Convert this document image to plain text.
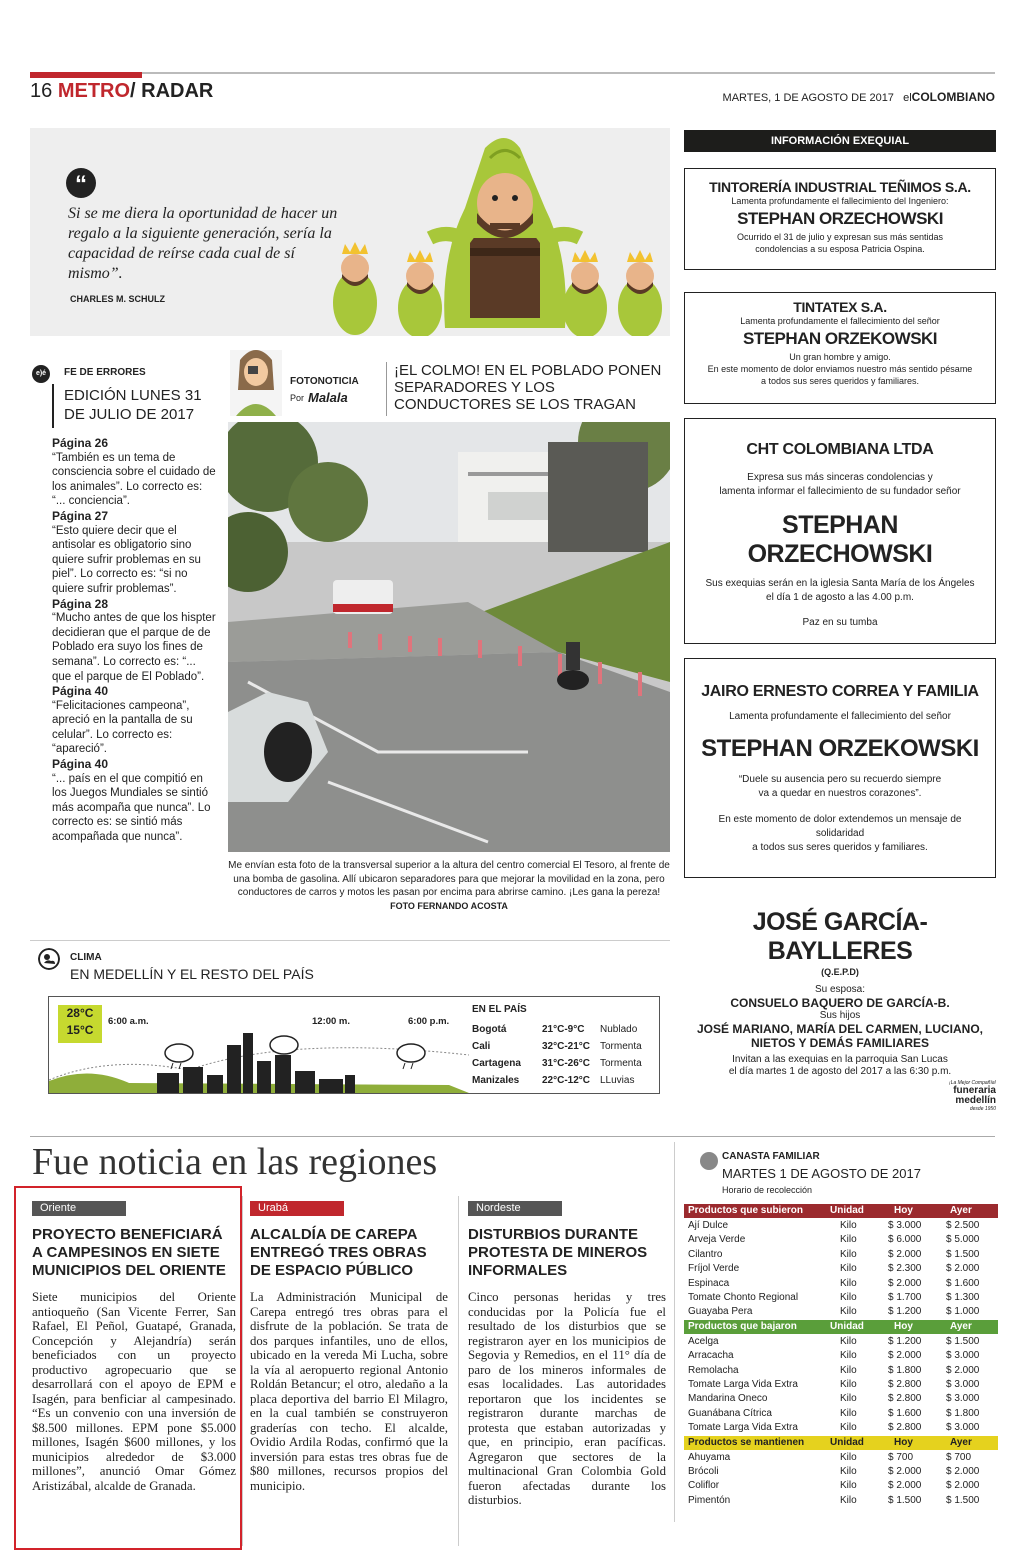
16 METRO/ RADAR	MARTES, 1 DE AGOSTO DE 2017 elCOLOMBIANO
“
Si se me diera la oportunidad de hacer un regalo a la siguiente generación, sería la capacidad de reírse cada cual de sí mismo”.
CHARLES M. SCHULZ
INFORMACIÓN EXEQUIAL
TINTORERÍA INDUSTRIAL TEÑIMOS S.A.
Lamenta profundamente el fallecimiento del Ingeniero:
STEPHAN ORZECHOWSKI
Ocurrido el 31 de julio y expresan sus más sentidas
condolencias a su esposa Patricia Ospina.
TINTATEX S.A.
Lamenta profundamente el fallecimiento del señor
STEPHAN ORZEKOWSKI
Un gran hombre y amigo.
En este momento de dolor enviamos nuestro más sentido pésame
a todos sus seres queridos y familiares.
CHT COLOMBIANA LTDA
Expresa sus más sinceras condolencias y
lamenta informar el fallecimiento de su fundador señor
STEPHAN ORZECHOWSKI
Sus exequias serán en la iglesia Santa María de los Ángeles
el día 1 de agosto a las 4.00 p.m.
Paz en su tumba
JAIRO ERNESTO CORREA Y FAMILIA
Lamenta profundamente el fallecimiento del señor
STEPHAN ORZEKOWSKI
“Duele su ausencia pero su recuerdo siempre
va a quedar en nuestros corazones”.
En este momento de dolor extendemos un mensaje de solidaridad
a todos sus seres queridos y familiares.
JOSÉ GARCÍA- BAYLLERES
(Q.E.P.D)
Su esposa:
CONSUELO BAQUERO DE GARCÍA-B.
Sus hijos
JOSÉ MARIANO, MARÍA DEL CARMEN, LUCIANO,
NIETOS Y DEMÁS FAMILIARES
Invitan a las exequias en la parroquia San Lucas
el día martes 1 de agosto del 2017 a las 6:30 p.m.
¡La Mejor Compañía!
funeraria
medellín
desde 1950
e)é	FE DE ERRORES
EDICIÓN LUNES 31 DE JULIO DE 2017
Página 26
“También es un tema de consciencia sobre el cuidado de los animales”. Lo correcto es: “... conciencia”.
Página 27
“Esto quiere decir que el antisolar es obligatorio sino quiere sufrir problemas en su piel”. Lo correcto es: “si no quiere sufrir problemas”.
Página 28
“Mucho antes de que los hispter decidieran que el parque de de Poblado era suyo los fines de semana”. Lo correcto es: “... que el parque de El Poblado”.
Página 40
“Felicitaciones campeona”, apreció en la pantalla de su celular”. Lo correcto es: “apareció”.
Página 40
“... país en el que compitió en los Juegos Mundiales se sintió más acompaña que nunca”. Lo correcto es: se sintió más acompañada que nunca”.
FOTONOTICIA
Por Malala
¡EL COLMO! EN EL POBLADO PONEN SEPARADORES Y LOS CONDUCTORES SE LOS TRAGAN
Me envían esta foto de la transversal superior a la altura del centro comercial El Tesoro, al frente de una bomba de gasolina. Allí ubicaron separadores para que mejorar la movilidad en la zona, pero conductores de carros y motos les pasan por encima para abrirse camino. ¡Les gana la pereza! FOTO FERNANDO ACOSTA
CLIMA
EN MEDELLÍN Y EL RESTO DEL PAÍS
28°C
15°C
6:00 a.m.	12:00 m.	6:00 p.m.
EN EL PAÍS
Bogotá	21°C-9°C Nublado
Cali	32°C-21°C Tormenta
Cartagena 31°C-26°C Tormenta
Manizales 22°C-12°C LLuvias
Fue noticia en las regiones
Oriente
PROYECTO BENEFICIARÁ A CAMPESINOS EN SIETE MUNICIPIOS DEL ORIENTE
Siete municipios del Oriente antioqueño (San Vicente Ferrer, San Rafael, El Peñol, Guatapé, Granada, Concepción y Alejandría) serán beneficiados con un proyecto productivo agropecuario que se desarrollará con el apoyo de EPM e Isagén, para benficiar al campesinado. “Es un convenio con una inversión de $8.500 millones. EPM pone $5.000 millones, Isagén $600 millones, y los municipios alrededor de $3.000 millones”, anunció Omar Gómez Aristizábal, alcalde de Granada.
Urabá
ALCALDÍA DE CAREPA ENTREGÓ TRES OBRAS DE ESPACIO PÚBLICO
La Administración Municipal de Carepa entregó tres obras para el disfrute de la población. Se trata de dos parques infantiles, uno de ellos, ubicado en la vereda Mi Lucha, sobre la vía al aeropuerto regional Antonio Roldán Betancur; el otro, aledaño a la placa deportiva del barrio El Milagro, en la cual también se construyeron graderías con techo. El alcalde, Ovidio Ardila Rodas, confirmó que la inversión para estas tres obras fue de $80 millones, recursos propios del municipio.
Nordeste
DISTURBIOS DURANTE PROTESTA DE MINEROS INFORMALES
Cinco personas heridas y tres conducidas por la Policía fue el resultado de los disturbios que se registraron ayer en los municipios de Segovia y Remedios, en el 11° día de paro de los mineros informales de esas localidades. Las autoridades reportaron que los incidentes se registraron durante marchas de protesta que estaban autorizadas y que, en principio, eran pacíficas. Agregaron que sectores de la multinacional Gran Colombia Gold fueron afectadas durante los disturbios.
CANASTA FAMILIAR
MARTES 1 DE AGOSTO DE 2017
Horario de recolección
Productos que subieron	Unidad	Hoy	Ayer
Ají Dulce	Kilo	$ 3.000 $ 2.500
Arveja Verde	Kilo	$ 6.000 $ 5.000
Cilantro	Kilo	$ 2.000 $ 1.500
Fríjol Verde	Kilo	$ 2.300 $ 2.000
Espinaca	Kilo	$ 2.000 $ 1.600
Tomate Chonto Regional	Kilo	$ 1.700 $ 1.300
Guayaba Pera	Kilo	$ 1.200 $ 1.000
Productos que bajaron	Unidad	Hoy	Ayer
Acelga	Kilo	$ 1.200 $ 1.500
Arracacha	Kilo	$ 2.000 $ 3.000
Remolacha	Kilo	$ 1.800 $ 2.000
Tomate Larga Vida Extra	Kilo	$ 2.800 $ 3.000
Mandarina Oneco	Kilo	$ 2.800 $ 3.000
Guanábana Cítrica	Kilo	$ 1.600 $ 1.800
Tomate Larga Vida Extra	Kilo	$ 2.800 $ 3.000
Productos se mantienen	Unidad	Hoy	Ayer
Ahuyama	Kilo	$ 700	$ 700
Brócoli	Kilo	$ 2.000 $ 2.000
Coliflor	Kilo	$ 2.000 $ 2.000
Pimentón	Kilo	$ 1.500 $ 1.500
